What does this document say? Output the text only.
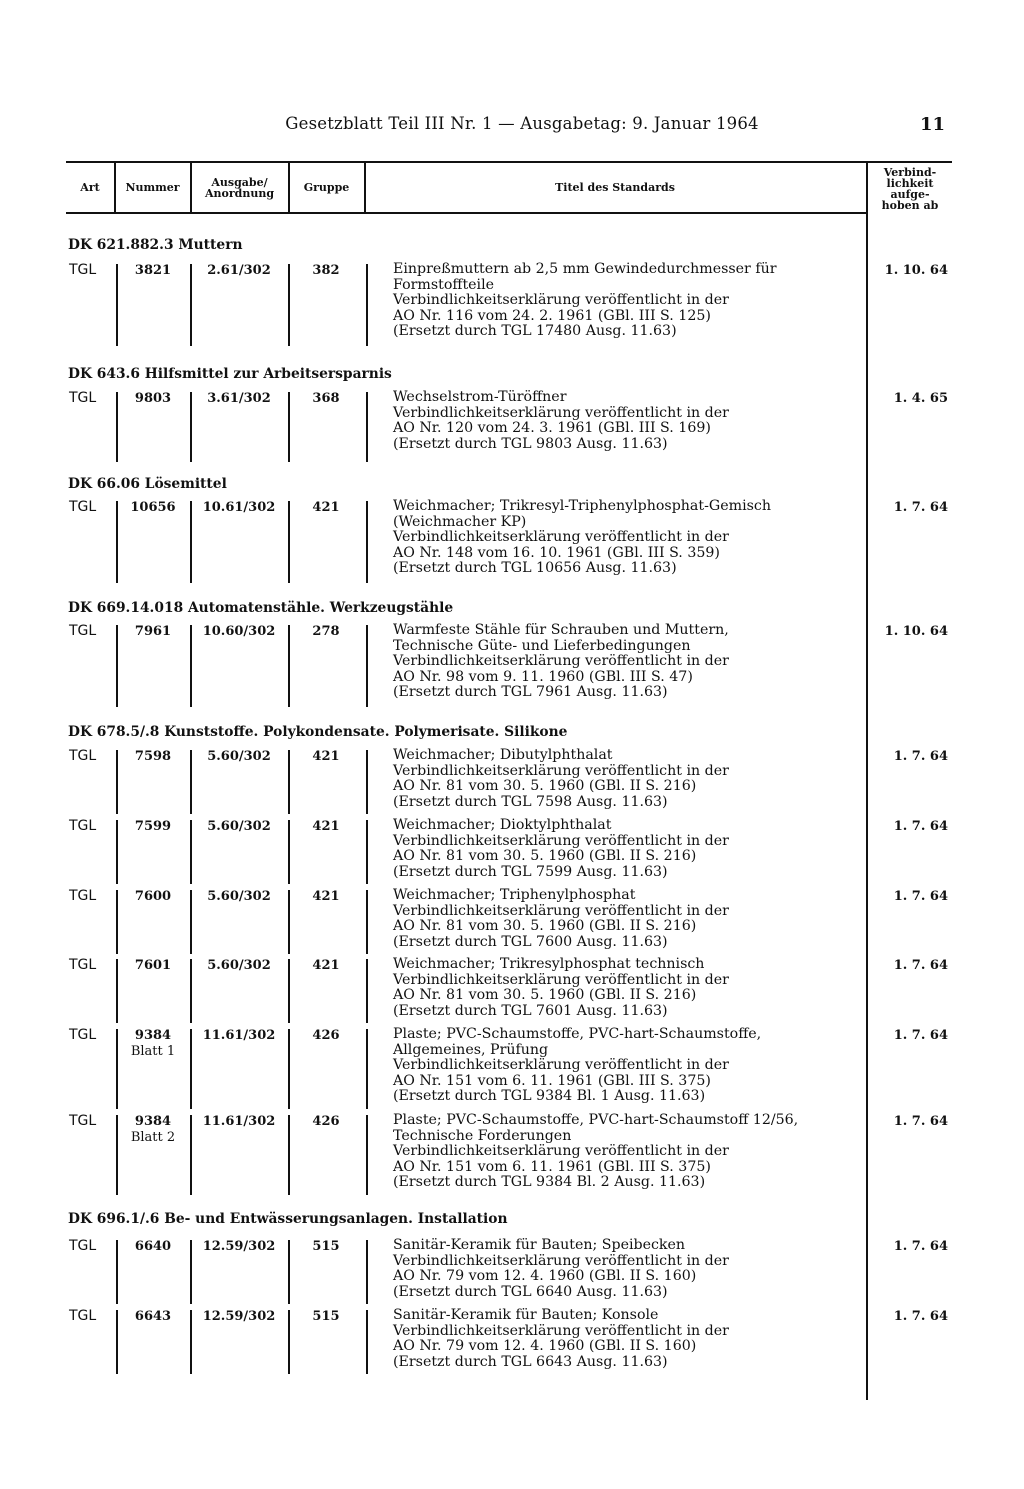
Gesetzblatt Teil III Nr. 1 — Ausgabetag: 9. Januar 1964	11
Art	Nummer	Ausgabe/
Anordnung	Gruppe	Titel des Standards
Verbind-
lichkeit
aufge-
hoben ab
DK 621.882.3 Muttern
TGL	3821	2.61/302	382	Einpreßmuttern ab 2,5 mm Gewindedurchmesser für
Formstoffteile
Verbindlichkeitserklärung veröffentlicht in der
AO Nr. 116 vom 24. 2. 1961 (GBl. III S. 125)
(Ersetzt durch TGL 17480 Ausg. 11.63)
1. 10. 64
DK 643.6 Hilfsmittel zur Arbeitsersparnis
TGL	9803	3.61/302	368	Wechselstrom-Türöffner
Verbindlichkeitserklärung veröffentlicht in der
AO Nr. 120 vom 24. 3. 1961 (GBl. III S. 169)
(Ersetzt durch TGL 9803 Ausg. 11.63)
1. 4. 65
DK 66.06 Lösemittel
TGL	10656	10.61/302	421	Weichmacher; Trikresyl-Triphenylphosphat-Gemisch
(Weichmacher KP)
Verbindlichkeitserklärung veröffentlicht in der
AO Nr. 148 vom 16. 10. 1961 (GBl. III S. 359)
(Ersetzt durch TGL 10656 Ausg. 11.63)
1. 7. 64
DK 669.14.018 Automatenstähle. Werkzeugstähle
TGL	7961	10.60/302	278	Warmfeste Stähle für Schrauben und Muttern,
Technische Güte- und Lieferbedingungen
Verbindlichkeitserklärung veröffentlicht in der
AO Nr. 98 vom 9. 11. 1960 (GBl. III S. 47)
(Ersetzt durch TGL 7961 Ausg. 11.63)
1. 10. 64
DK 678.5/.8 Kunststoffe. Polykondensate. Polymerisate. Silikone
TGL	7598	5.60/302	421	Weichmacher; Dibutylphthalat
Verbindlichkeitserklärung veröffentlicht in der
AO Nr. 81 vom 30. 5. 1960 (GBl. II S. 216)
(Ersetzt durch TGL 7598 Ausg. 11.63)
1. 7. 64
TGL	7599	5.60/302	421	Weichmacher; Dioktylphthalat
Verbindlichkeitserklärung veröffentlicht in der
AO Nr. 81 vom 30. 5. 1960 (GBl. II S. 216)
(Ersetzt durch TGL 7599 Ausg. 11.63)
1. 7. 64
TGL	7600	5.60/302	421	Weichmacher; Triphenylphosphat
Verbindlichkeitserklärung veröffentlicht in der
AO Nr. 81 vom 30. 5. 1960 (GBl. II S. 216)
(Ersetzt durch TGL 7600 Ausg. 11.63)
1. 7. 64
TGL	7601	5.60/302	421	Weichmacher; Trikresylphosphat technisch
Verbindlichkeitserklärung veröffentlicht in der
AO Nr. 81 vom 30. 5. 1960 (GBl. II S. 216)
(Ersetzt durch TGL 7601 Ausg. 11.63)
1. 7. 64
TGL	9384
Blatt 1
11.61/302	426	Plaste; PVC-Schaumstoffe, PVC-hart-Schaumstoffe,
Allgemeines, Prüfung
Verbindlichkeitserklärung veröffentlicht in der
AO Nr. 151 vom 6. 11. 1961 (GBl. III S. 375)
(Ersetzt durch TGL 9384 Bl. 1 Ausg. 11.63)
1. 7. 64
TGL	9384
Blatt 2
11.61/302	426	Plaste; PVC-Schaumstoffe, PVC-hart-Schaumstoff 12/56,
Technische Forderungen
Verbindlichkeitserklärung veröffentlicht in der
AO Nr. 151 vom 6. 11. 1961 (GBl. III S. 375)
(Ersetzt durch TGL 9384 Bl. 2 Ausg. 11.63)
1. 7. 64
DK 696.1/.6 Be- und Entwässerungsanlagen. Installation
TGL	6640	12.59/302	515	Sanitär-Keramik für Bauten; Speibecken
Verbindlichkeitserklärung veröffentlicht in der
AO Nr. 79 vom 12. 4. 1960 (GBl. II S. 160)
(Ersetzt durch TGL 6640 Ausg. 11.63)
1. 7. 64
TGL	6643	12.59/302	515	Sanitär-Keramik für Bauten; Konsole
Verbindlichkeitserklärung veröffentlicht in der
AO Nr. 79 vom 12. 4. 1960 (GBl. II S. 160)
(Ersetzt durch TGL 6643 Ausg. 11.63)
1. 7. 64
